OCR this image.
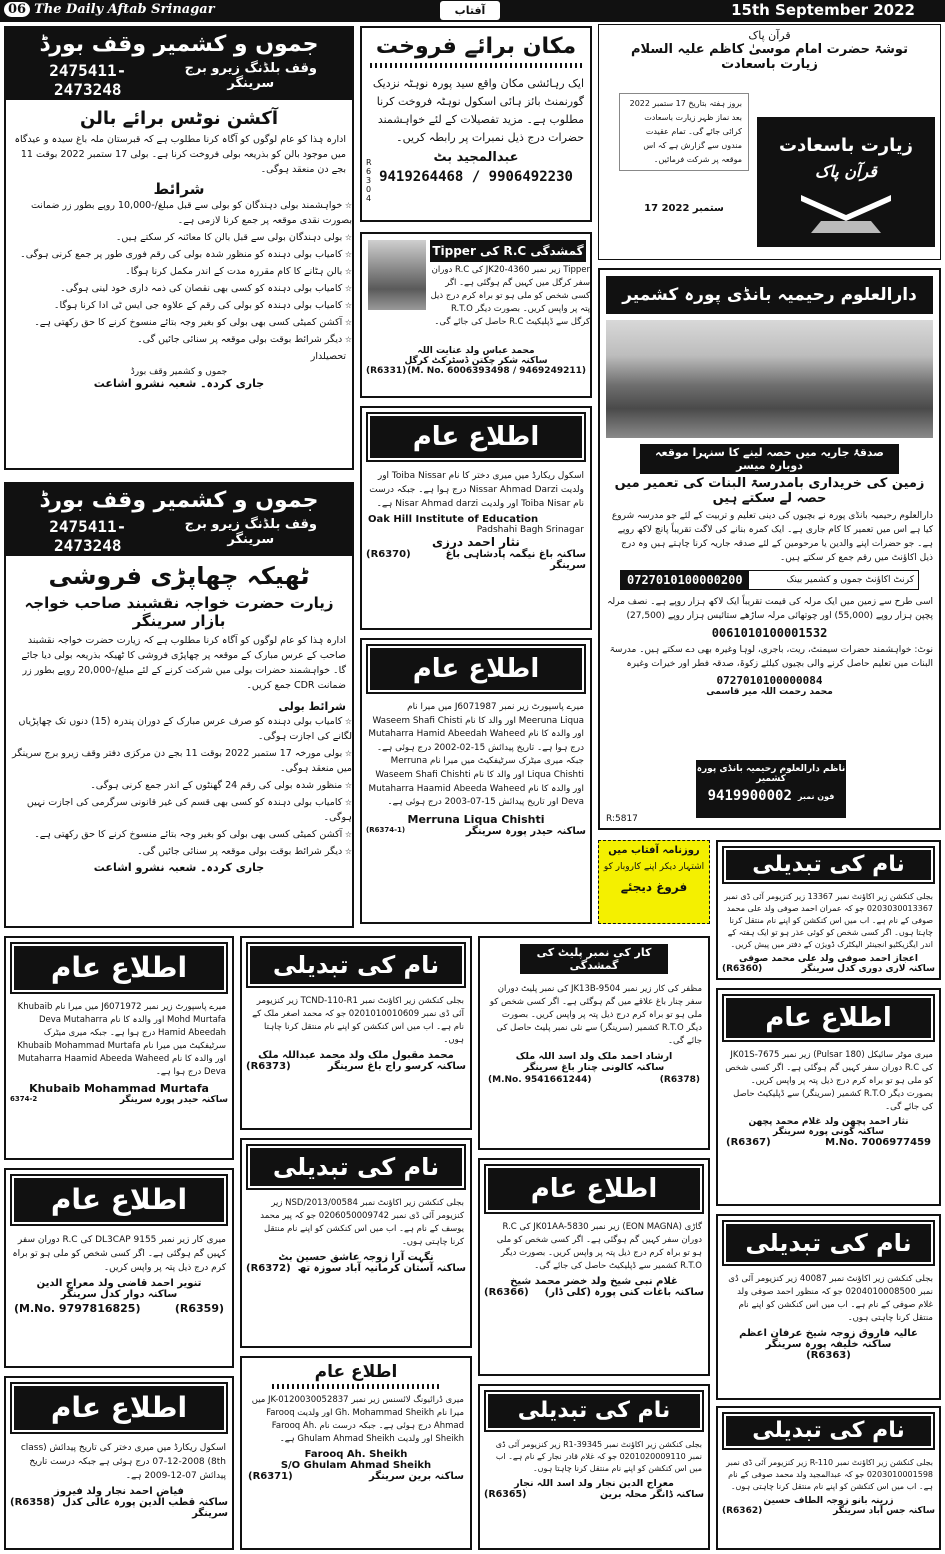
06 The Daily Aftab Srinagar	آفتاب	15th September 2022
جموں و کشمیر وقف بورڈ
2475411-2473248
وقف بلڈنگ زیرو برج سرینگر
آکشن نوٹس برائے بالن
ادارہ ہٰذا کو عام لوگوں کو آگاہ کرنا مطلوب ہے کہ قبرستان ملہ باغ سیدہ و عیدگاہ میں موجود بالن کو بذریعہ بولی فروخت کرنا ہے۔ بولی 17 ستمبر 2022 بوقت 11 بجے دن منعقد ہوگی۔
شرائط
☆ خواہشمند بولی دہندگان کو بولی سے قبل مبلغ/-10,000 روپے بطور زر ضمانت بصورت نقدی موقعہ پر جمع کرنا لازمی ہے۔
☆ بولی دہندگان بولی سے قبل بالن کا معائنہ کر سکتے ہیں۔
☆ کامیاب بولی دہندہ کو منظور شدہ بولی کی رقم فوری طور پر جمع کرنی ہوگی۔
☆ بالن ہٹانے کا کام مقررہ مدت کے اندر مکمل کرنا ہوگا۔
☆ کامیاب بولی دہندہ کو کسی بھی نقصان کی ذمہ داری خود لینی ہوگی۔
☆ کامیاب بولی دہندہ کو بولی کی رقم کے علاوہ جی ایس ٹی ادا کرنا ہوگا۔
☆ آکشن کمیٹی کسی بھی بولی کو بغیر وجہ بتائے منسوخ کرنے کا حق رکھتی ہے۔
☆ دیگر شرائط بوقت بولی موقعہ پر سنائی جائیں گی۔
تحصیلدار
جموں و کشمیر وقف بورڈ
جاری کردہ۔ شعبہ نشرو اشاعت
جموں و کشمیر وقف بورڈ
2475411-2473248
وقف بلڈنگ زیرو برج سرینگر
ٹھیکہ چھاپڑی فروشی
زیارت حضرت خواجہ نقشبند صاحب خواجہ بازار سرینگر
ادارہ ہٰذا کو عام لوگوں کو آگاہ کرنا مطلوب ہے کہ زیارت حضرت خواجہ نقشبند صاحب کے عرس مبارک کے موقعہ پر چھاپڑی فروشی کا ٹھیکہ بذریعہ بولی دیا جائے گا۔ خواہشمند حضرات بولی میں شرکت کرنے کے لئے مبلغ/-20,000 روپے بطور زر ضمانت CDR جمع کریں۔
شرائط بولی
☆ کامیاب بولی دہندہ کو صرف عرس مبارک کے دوران پندرہ (15) دنوں تک چھاپڑیاں لگانے کی اجازت ہوگی۔
☆ بولی مورخہ 17 ستمبر 2022 بوقت 11 بجے دن مرکزی دفتر وقف زیرو برج سرینگر میں منعقد ہوگی۔
☆ منظور شدہ بولی کی رقم 24 گھنٹوں کے اندر جمع کرنی ہوگی۔
☆ کامیاب بولی دہندہ کو کسی بھی قسم کی غیر قانونی سرگرمی کی اجازت نہیں ہوگی۔
☆ آکشن کمیٹی کسی بھی بولی کو بغیر وجہ بتائے منسوخ کرنے کا حق رکھتی ہے۔
☆ دیگر شرائط بوقت بولی موقعہ پر سنائی جائیں گی۔
جاری کردہ۔ شعبہ نشرو اشاعت
مکان برائے فروخت
ایک رہائشی مکان واقع سید پورہ نوہٹہ نزدیک گورنمنٹ بائز ہائی اسکول نوہٹہ فروخت کرنا مطلوب ہے۔ مزید تفصیلات کے لئے خواہشمند حضرات درج ذیل نمبرات پر رابطہ کریں۔
عبدالمجید بٹ
9419264468 / 9906492230
R6304
Tipper کی R.C گمشدگی
Tipper زیر نمبر JK20-4360 کی R.C دوران سفر کرگل میں کہیں گم ہوگئی ہے۔ اگر کسی شخص کو ملی ہو تو براہ کرم درج ذیل پتہ پر واپس کریں۔ بصورت دیگر R.T.O کرگل سے ڈپلیکیٹ R.C حاصل کی جائے گی۔
محمد عباس ولد عنایت اللہ
ساکنہ شکر چکتن ڈسٹرکٹ کرگل
(R6331) (M. No. 6006393498 / 9469249211)
اطلاع عام
اسکول ریکارڈ میں میری دختر کا نام Toiba Nissar اور ولدیت Nissar Ahmad Darzi درج ہوا ہے۔ جبکہ درست نام Toiba Nisar اور ولدیت Nisar Ahmad darzi ہے۔
Oak Hill Institute of Education
Padshahi Bagh Srinagar
نثار احمد درزی
(R6370)	ساکنہ باغ نیگمہ پادشاہی باغ سرینگر
اطلاع عام
میرے پاسپورٹ زیر نمبر J6071987 میں میرا نام Meeruna Liqua اور والد کا نام Waseem Shafi Chisti اور والدہ کا نام Mutaharra Hamid Abeedah Waheed درج ہوا ہے۔ تاریخ پیدائش 15-02-2002 درج ہوئی ہے۔ جبکہ میری میٹرک سرٹیفکیٹ میں میرا نام Merruna Liqua Chishti اور والد کا نام Waseem Shafi Chishti اور والدہ کا نام Mutaharra Haamid Abeeda Waheed Deva اور تاریخ پیدائش 15-07-2003 درج ہوئی ہے۔
Merruna Liqua Chishti
(R6374-1)	ساکنہ حیدر پورہ سرینگر
قرآن پاک
توشۃ حضرت امام موسیٰ کاظم علیہ السلام
زیارت باسعادت
بروز ہفتہ بتاریخ 17 ستمبر 2022 بعد نماز ظہر زیارت باسعادت کرائی جائے گی۔ تمام عقیدت مندوں سے گزارش ہے کہ اس موقعہ پر شرکت فرمائیں۔
17 ستمبر 2022
زیارت باسعادت
قرآن پاک
دارالعلوم رحیمیہ بانڈی پورہ کشمیر
صدقۂ جاریہ میں حصہ لینے کا سنہرا موقعہ دوبارہ میسر
زمین کی خریداری بامدرسۃ البنات کی تعمیر میں حصہ لے سکتے ہیں
دارالعلوم رحیمیہ بانڈی پورہ نے بچیوں کی دینی تعلیم و تربیت کے لئے جو مدرسہ شروع کیا ہے اس میں تعمیر کا کام جاری ہے۔ ایک کمرہ بنانے کی لاگت تقریباً پانچ لاکھ روپے ہے۔ جو حضرات اپنے والدین یا مرحومین کے لئے صدقہ جاریہ کرنا چاہتے ہیں وہ درج ذیل اکاؤنٹ میں رقم جمع کر سکتے ہیں۔
0727010100000200	کرنٹ اکاؤنٹ جموں و کشمیر بینک
اسی طرح سے زمین میں ایک مرلہ کی قیمت تقریباً ایک لاکھ ہزار روپے ہے۔ نصف مرلہ پچپن ہزار روپے (55,000) اور چوتھائی مرلہ ساڑھے ستائیس ہزار روپے (27,500)
0061010100001532
نوٹ: خواہشمند حضرات سیمنٹ، ریت، باجری، لوہا وغیرہ بھی دے سکتے ہیں۔ مدرسۃ البنات میں تعلیم حاصل کرنے والی بچیوں کیلئے زکوۃ، صدقہ فطر اور خیرات وغیرہ
0727010100000084
محمد رحمت اللہ میر قاسمی
ناظم دارالعلوم رحیمیہ بانڈی پورہ کشمیر
9419900002 فون نمبر
R:5817
روزنامہ آفتاب میں
اشتہار دیکر اپنے کاروبار کو
فروغ دیجئے
نام کی تبدیلی
بجلی کنکشن زیر اکاؤنٹ نمبر 13367 زیر کنزیومر آئی ڈی نمبر 0203030013367 جو کہ عمران احمد صوفی ولد علی محمد صوفی کے نام ہے۔ اب میں اس کنکشن کو اپنے نام منتقل کرنا چاہتا ہوں۔ اگر کسی شخص کو کوئی عذر ہو تو ایک ہفتہ کے اندر ایگزیکٹیو انجینئر الیکٹرک ڈویژن کے دفتر میں پیش کریں۔
اعجاز احمد صوفی ولد علی محمد صوفی
(R6360)	ساکنہ لاری دوری کدل سرینگر
اطلاع عام
میری موٹر سائیکل (Pulsar 180) زیر نمبر JK01S-7675 کی R.C دوران سفر کہیں گم ہوگئی ہے۔ اگر کسی شخص کو ملی ہو تو براہ کرم درج ذیل پتہ پر واپس کریں۔ بصورت دیگر R.T.O کشمیر (سرینگر) سے ڈپلیکیٹ حاصل کی جائے گی۔
نثار احمد پچھن ولد غلام محمد پچھن
ساکنہ گونی پورہ سرینگر
(R6367)	M.No. 7006977459
نام کی تبدیلی
بجلی کنکشن زیر اکاؤنٹ نمبر 40087 زیر کنزیومر آئی ڈی نمبر 0204010008500 جو کہ منظور احمد صوفی ولد غلام صوفی کے نام ہے۔ اب میں اس کنکشن کو اپنے نام منتقل کرنا چاہتی ہوں۔
عالیہ فاروق زوجہ شیخ عرفان اعظم
ساکنہ خلیفہ پورہ سرینگر
(R6363)
نام کی تبدیلی
بجلی کنکشن زیر اکاؤنٹ نمبر R-110 زیر کنزیومر آئی ڈی نمبر 0203010001598 جو کہ عبدالمجید ولد محمد صوفی کے نام ہے۔ اب میں اس کنکشن کو اپنے نام منتقل کرنا چاہتی ہوں۔
زرینہ بانو زوجہ الطاف حسین
(R6362)	ساکنہ جس آباد سرینگر
اطلاع عام
میرے پاسپورٹ زیر نمبر J6071972 میں میرا نام Khubaib Mohd Murtafa اور والدہ کا نام Deva Mutaharra Hamid Abeedah درج ہوا ہے۔ جبکہ میری میٹرک سرٹیفکیٹ میں میرا نام Khubaib Mohammad Murtafa اور والدہ کا نام Mutaharra Haamid Abeeda Waheed Deva درج ہوا ہے۔
Khubaib Mohammad Murtafa
6374-2	ساکنہ حیدر پورہ سرینگر
اطلاع عام
میری کار زیر نمبر DL3CAP 9155 کی R.C دوران سفر کہیں گم ہوگئی ہے۔ اگر کسی شخص کو ملی ہو تو براہ کرم درج ذیل پتہ پر واپس کریں۔
تنویر احمد قاضی ولد معراج الدین
ساکنہ دوار کدل سرینگر
(M.No. 9797816825)	(R6359)
اطلاع عام
اسکول ریکارڈ میں میری دختر کی تاریخ پیدائش (class 8th) 07-12-2008 درج ہوئی ہے جبکہ درست تاریخ پیدائش 07-12-2009 ہے۔
فیاض احمد نجار ولد فیروز
(R6358) ساکنہ قطب الدین پورہ عالی کدل سرینگر
نام کی تبدیلی
بجلی کنکشن زیر اکاؤنٹ نمبر TCND-110-R1 زیر کنزیومر آئی ڈی نمبر 0201010010609 جو کہ محمد اصغر ملک کے نام ہے۔ اب میں اس کنکشن کو اپنے نام منتقل کرنا چاہتا ہوں۔
محمد مقبول ملک ولد محمد عبداللہ ملک
(R6373)	ساکنہ کرسو راج باغ سرینگر
نام کی تبدیلی
بجلی کنکشن زیر اکاؤنٹ نمبر 00584/NSD/2013 زیر کنزیومر آئی ڈی نمبر 0206050009742 جو کہ پیر محمد یوسف کے نام ہے۔ اب میں اس کنکشن کو اپنے نام منتقل کرنا چاہتی ہوں۔
نگہت آرا زوجہ عاشق حسین بٹ
(R6372) ساکنہ آستان کرمانیہ آباد سوزہ تھ
اطلاع عام
میری ڈرائیونگ لائسنس زیر نمبر JK-0120030052837 میں میرا نام Gh. Mohammad Sheikh اور ولدیت Farooq Ahmad درج ہوئی ہے۔ جبکہ درست نام Farooq Ah. Sheikh اور ولدیت Ghulam Ahmad Sheikh ہے۔
Farooq Ah. Sheikh
S/O Ghulam Ahmad Sheikh
(R6371)	ساکنہ برین سرینگر
کار کی نمبر پلیٹ کی گمشدگی
مظفر کی کار زیر نمبر JK13B-9504 کی نمبر پلیٹ دوران سفر چنار باغ علاقے میں گم ہوگئی ہے۔ اگر کسی شخص کو ملی ہو تو براہ کرم درج ذیل پتہ پر واپس کریں۔ بصورت دیگر R.T.O کشمیر (سرینگر) سے نئی نمبر پلیٹ حاصل کی جائے گی۔
ارشاد احمد ملک ولد اسد اللہ ملک
ساکنہ کالونی چنار باغ سرینگر
(M.No. 9541661244)	(R6378)
اطلاع عام
گاڑی (EON MAGNA) زیر نمبر JK01AA-5830 کی R.C دوران سفر کہیں گم ہوگئی ہے۔ اگر کسی شخص کو ملی ہو تو براہ کرم درج ذیل پتہ پر واپس کریں۔ بصورت دیگر R.T.O کشمیر سے ڈپلیکیٹ حاصل کی جائے گی۔
غلام نبی شیخ ولد خضر محمد شیخ
(R6366) ساکنہ باغات کنی پورہ (کلی ڈار)
نام کی تبدیلی
بجلی کنکشن زیر اکاؤنٹ نمبر 39345-R1 زیر کنزیومر آئی ڈی نمبر 0201020009110 جو کہ غلام قادر نجار کے نام ہے۔ اب میں اس کنکشن کو اپنے نام منتقل کرنا چاہتا ہوں۔
معراج الدین نجار ولد اسد اللہ نجار
(R6365)	ساکنہ ڈانگر محلہ برین
